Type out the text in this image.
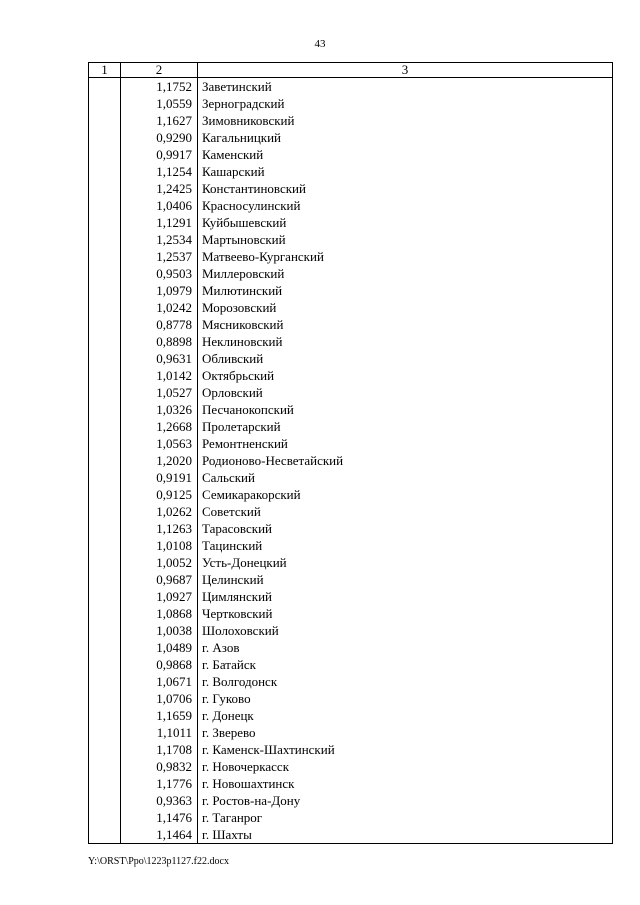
43
1	2	3
	1,1752	Заветинский
	1,0559	Зерноградский
	1,1627	Зимовниковский
	0,9290	Кагальницкий
	0,9917	Каменский
	1,1254	Кашарский
	1,2425	Константиновский
	1,0406	Красносулинский
	1,1291	Куйбышевский
	1,2534	Мартыновский
	1,2537	Матвеево-Курганский
	0,9503	Миллеровский
	1,0979	Милютинский
	1,0242	Морозовский
	0,8778	Мясниковский
	0,8898	Неклиновский
	0,9631	Обливский
	1,0142	Октябрьский
	1,0527	Орловский
	1,0326	Песчанокопский
	1,2668	Пролетарский
	1,0563	Ремонтненский
	1,2020	Родионово-Несветайский
	0,9191	Сальский
	0,9125	Семикаракорский
	1,0262	Советский
	1,1263	Тарасовский
	1,0108	Тацинский
	1,0052	Усть-Донецкий
	0,9687	Целинский
	1,0927	Цимлянский
	1,0868	Чертковский
	1,0038	Шолоховский
	1,0489	г. Азов
	0,9868	г. Батайск
	1,0671	г. Волгодонск
	1,0706	г. Гуково
	1,1659	г. Донецк
	1,1011	г. Зверево
	1,1708	г. Каменск-Шахтинский
	0,9832	г. Новочеркасск
	1,1776	г. Новошахтинск
	0,9363	г. Ростов-на-Дону
	1,1476	г. Таганрог
	1,1464	г. Шахты
Y:\ORST\Ppo\1223p1127.f22.docx
